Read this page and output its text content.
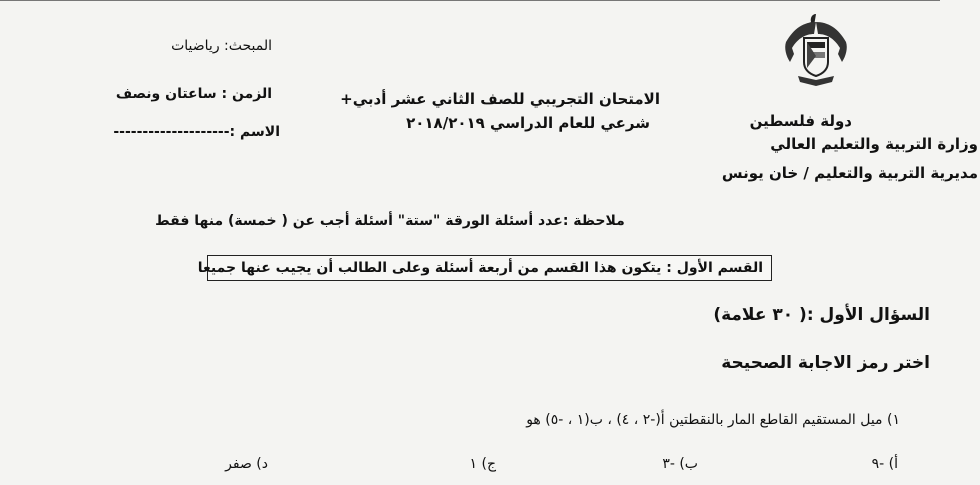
المبحث: رياضيات
الزمن : ساعتان ونصف
الاسم :--------------------
الامتحان التجريبي للصف الثاني عشر أدبي+
شرعي للعام الدراسي ٢٠١٨/٢٠١٩	دولة فلسطين
وزارة التربية والتعليم العالي
مديرية التربية والتعليم / خان يونس
ملاحظة :عدد أسئلة الورقة "ستة" أسئلة أجب عن ( خمسة) منها فقط
القسم الأول : يتكون هذا القسم من أربعة أسئلة وعلى الطالب أن يجيب عنها جميعا
السؤال الأول :( ٣٠ علامة)
اختر رمز الاجابة الصحيحة
١) ميل المستقيم القاطع المار بالنقطتين ﺃ(-٢ ، ٤) ، ب(١ ، -٥) هو
أ) -٩
ب) -٣
ج) ١
د) صفر
